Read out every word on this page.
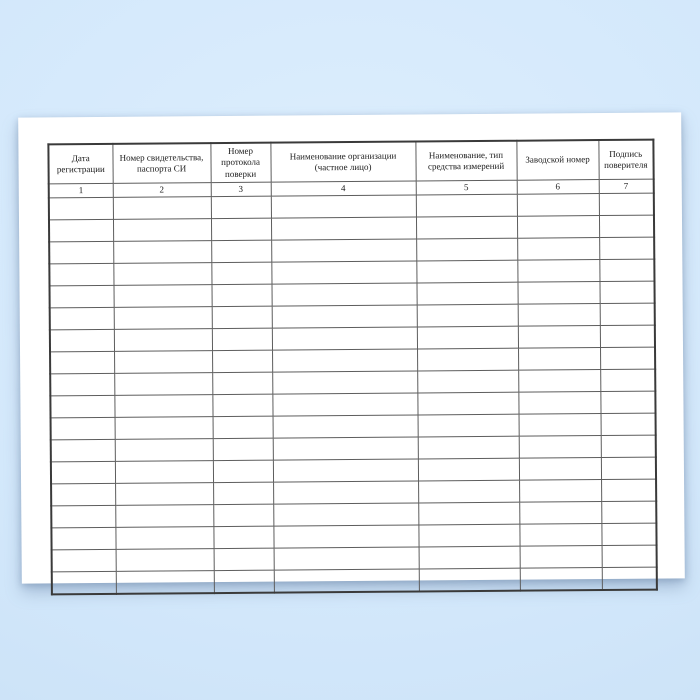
Дата регистрации	Номер свидетельства, паспорта СИ	Номер протокола поверки	Наименование организации (частное лицо)	Наименование, тип средства измерений	Заводской номер	Подпись поверителя
1	2	3	4	5	6	7
